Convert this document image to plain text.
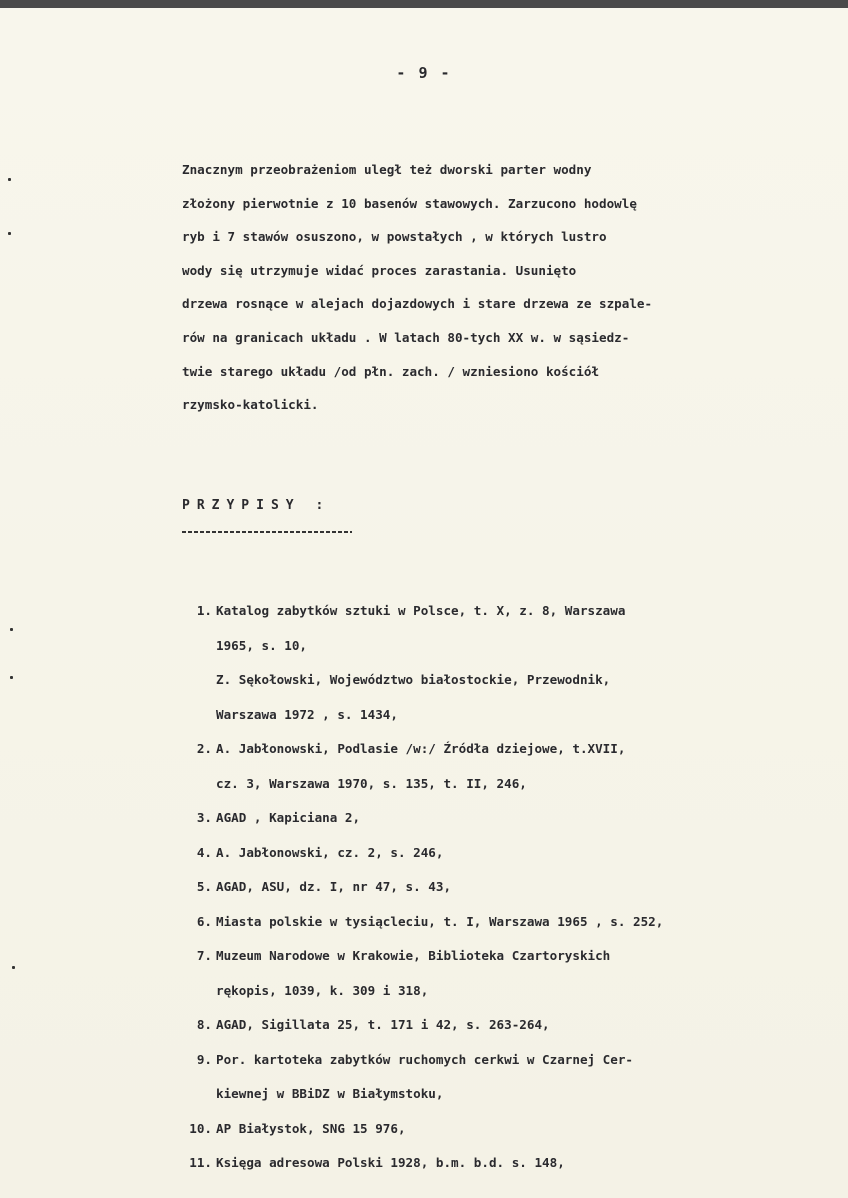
- 9 -
Znacznym przeobrażeniom uległ też dworski parter wodny
złożony pierwotnie z 10 basenów stawowych. Zarzucono hodowlę
ryb i 7 stawów osuszono, w powstałych , w których lustro
wody się utrzymuje widać proces zarastania. Usunięto
drzewa rosnące w alejach dojazdowych i stare drzewa ze szpale-
rów na granicach układu . W latach 80-tych XX w. w sąsiedz-
twie starego układu /od płn. zach. / wzniesiono kościół
rzymsko-katolicki.
PRZYPISY :
1. Katalog zabytków sztuki w Polsce, t. X, z. 8, Warszawa
1965, s. 10,
Z. Sękołowski, Województwo białostockie, Przewodnik,
Warszawa 1972 , s. 1434,
2. A. Jabłonowski, Podlasie /w:/ Źródła dziejowe, t.XVII,
cz. 3, Warszawa 1970, s. 135, t. II, 246,
3. AGAD , Kapiciana 2,
4. A. Jabłonowski, cz. 2, s. 246,
5. AGAD, ASU, dz. I, nr 47, s. 43,
6. Miasta polskie w tysiącleciu, t. I, Warszawa 1965 , s. 252,
7. Muzeum Narodowe w Krakowie, Biblioteka Czartoryskich
rękopis, 1039, k. 309 i 318,
8. AGAD, Sigillata 25, t. 171 i 42, s. 263-264,
9. Por. kartoteka zabytków ruchomych cerkwi w Czarnej Cer-
kiewnej w BBiDZ w Białymstoku,
10. AP Białystok, SNG 15 976,
11. Księga adresowa Polski 1928, b.m. b.d. s. 148,
